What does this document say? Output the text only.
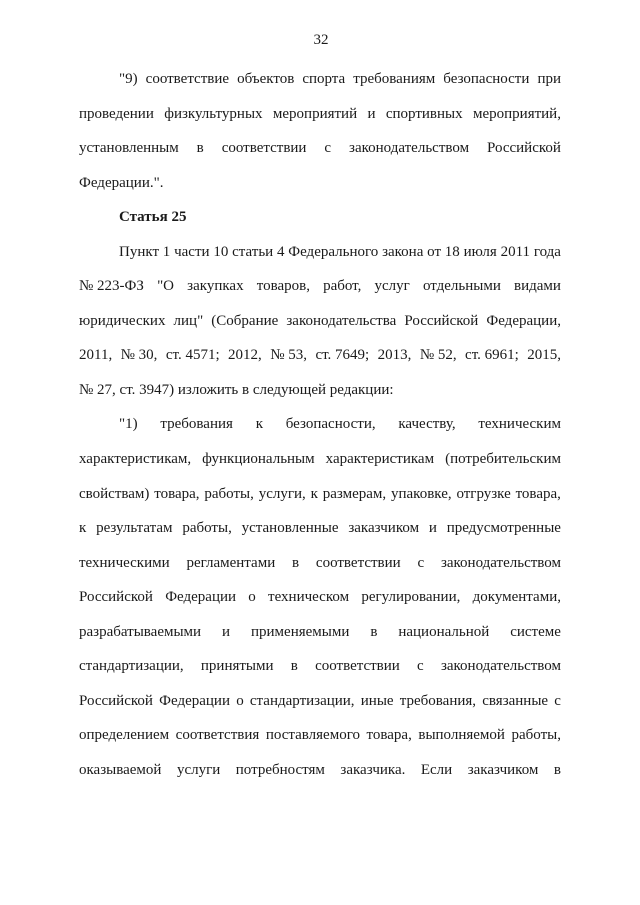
32
"9) соответствие объектов спорта требованиям безопасности при
проведении физкультурных мероприятий и спортивных мероприятий,
установленным в соответствии с законодательством Российской
Федерации.".
Статья 25
Пункт 1 части 10 статьи 4 Федерального закона от 18 июля 2011 года
№ 223-ФЗ "О закупках товаров, работ, услуг отдельными видами
юридических лиц" (Собрание законодательства Российской Федерации,
2011, № 30, ст. 4571; 2012, № 53, ст. 7649; 2013, № 52, ст. 6961; 2015,
№ 27, ст. 3947) изложить в следующей редакции:
"1) требования к безопасности, качеству, техническим
характеристикам, функциональным характеристикам (потребительским
свойствам) товара, работы, услуги, к размерам, упаковке, отгрузке товара,
к результатам работы, установленные заказчиком и предусмотренные
техническими регламентами в соответствии с законодательством
Российской Федерации о техническом регулировании, документами,
разрабатываемыми и применяемыми в национальной системе
стандартизации, принятыми в соответствии с законодательством
Российской Федерации о стандартизации, иные требования, связанные с
определением соответствия поставляемого товара, выполняемой работы,
оказываемой услуги потребностям заказчика. Если заказчиком в
